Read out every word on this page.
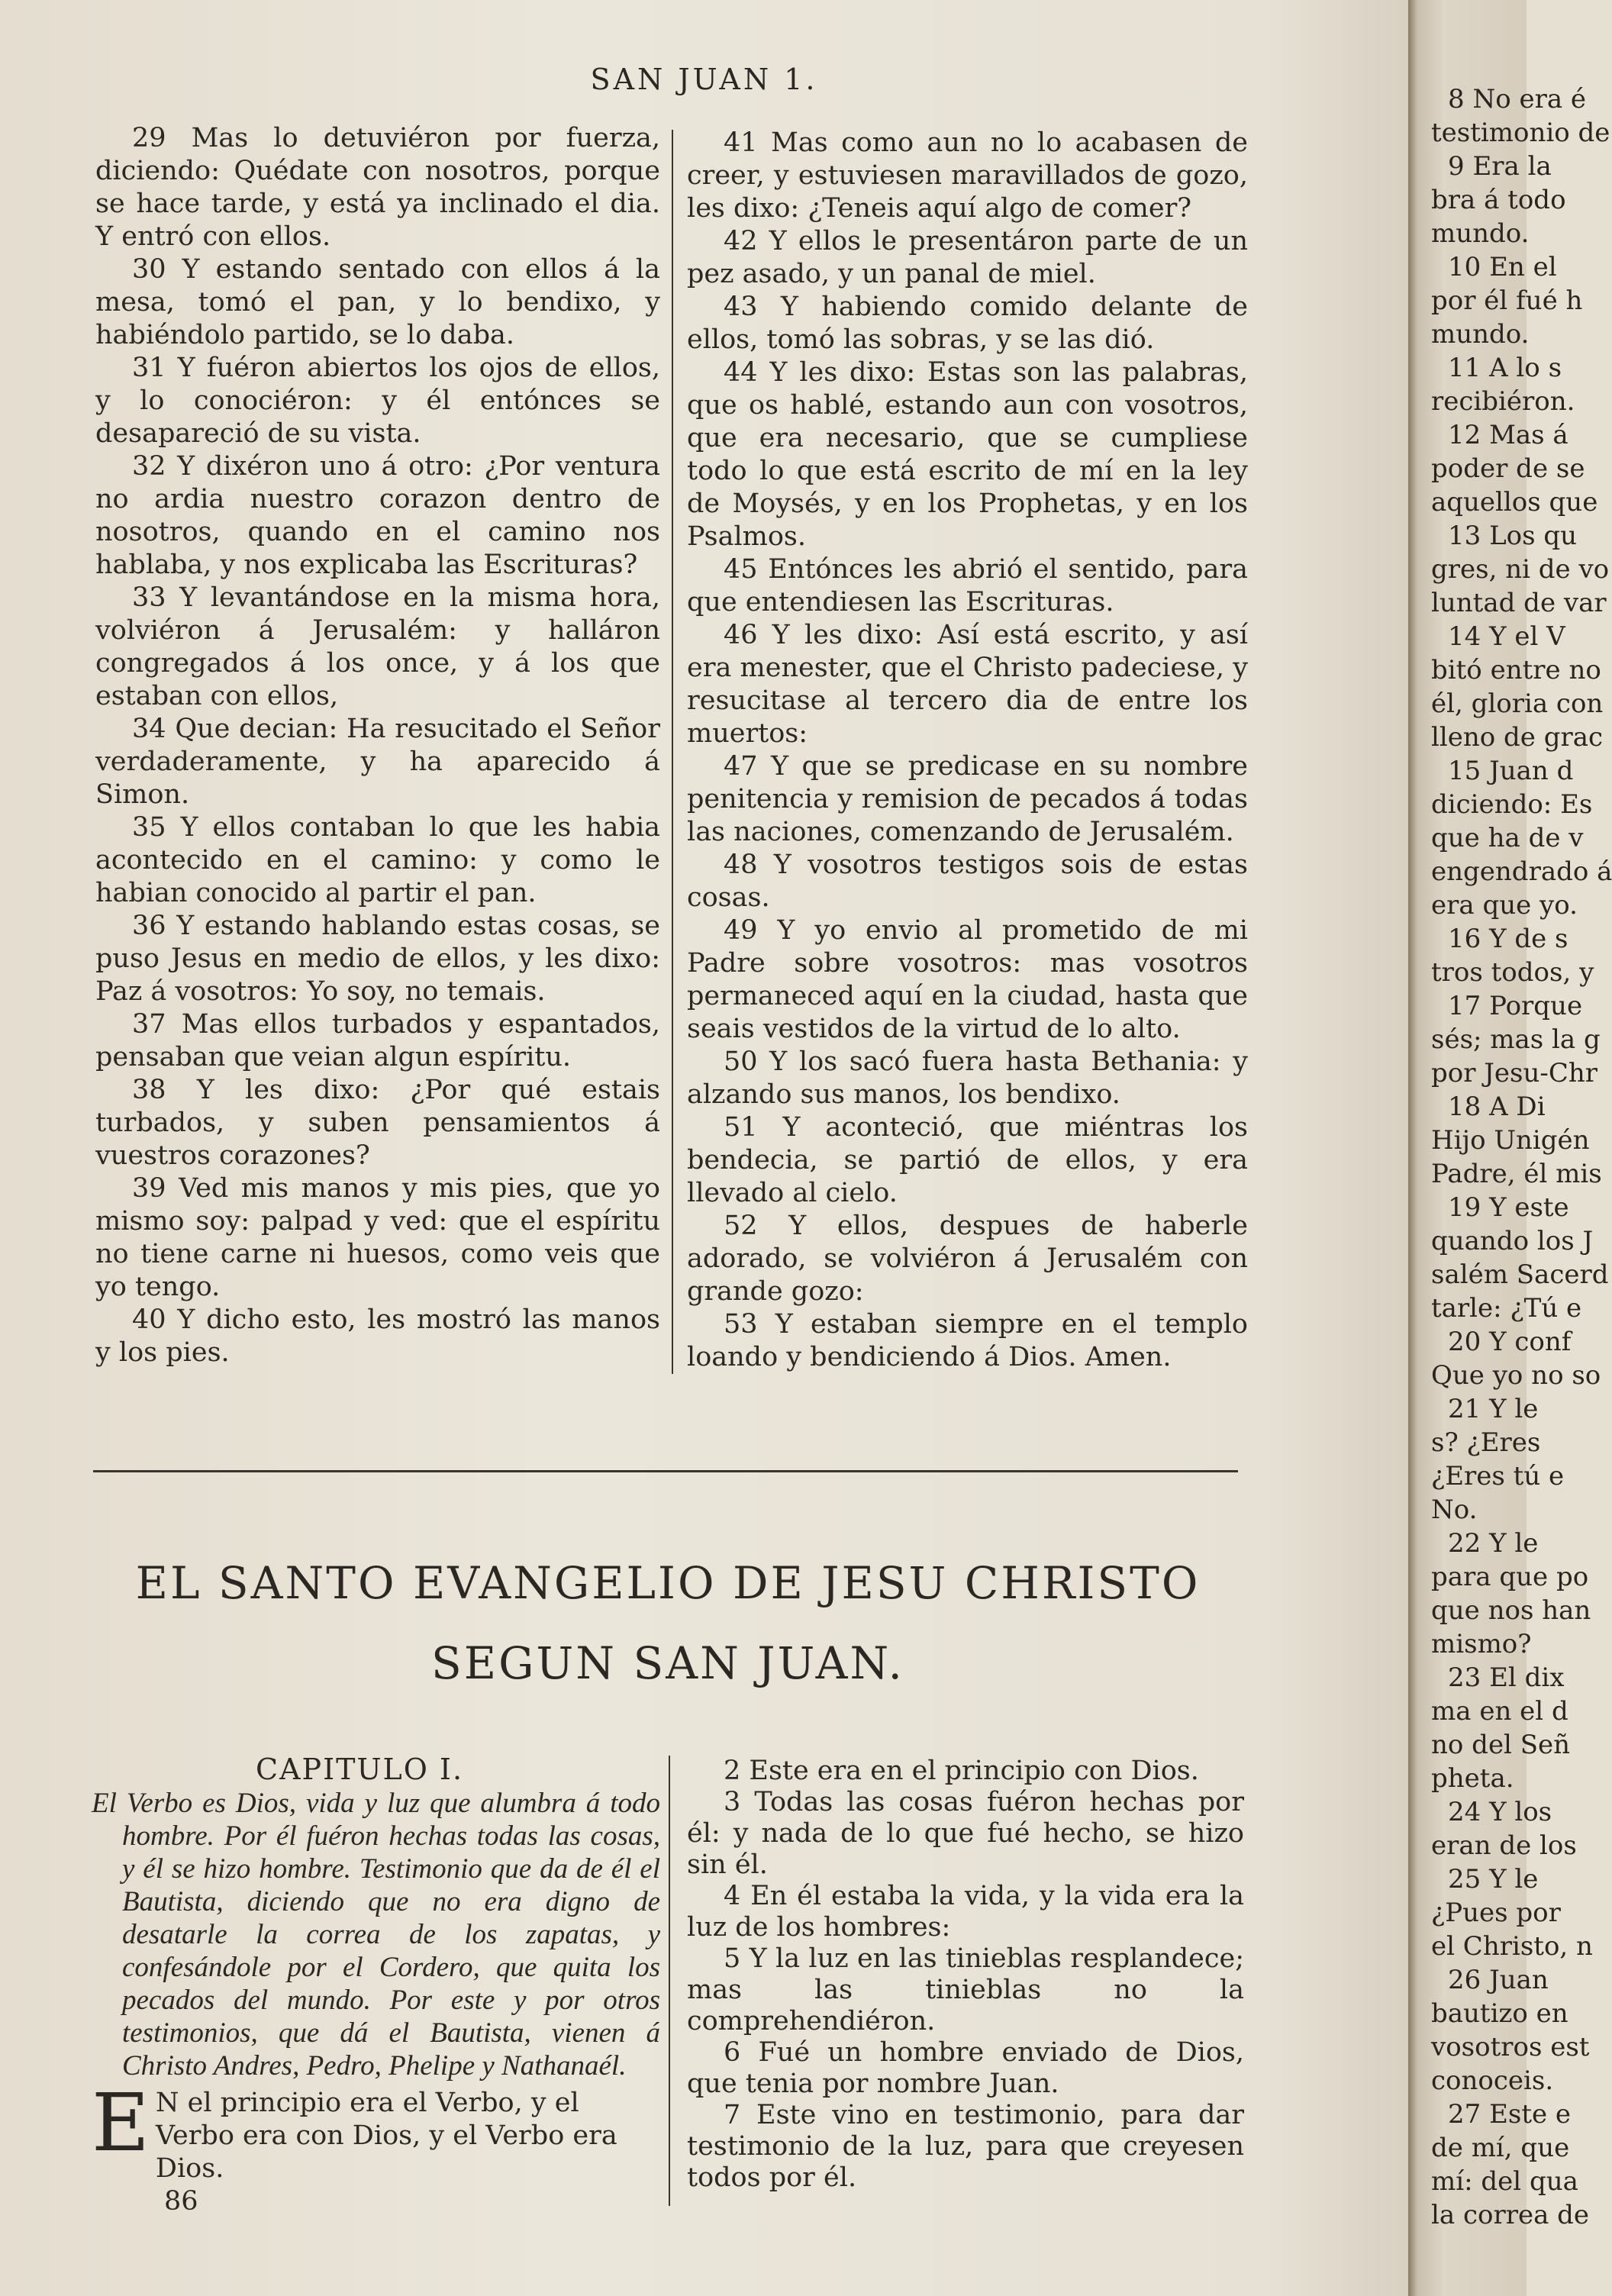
SAN JUAN 1.

29 Mas lo detuviéron por fuerza, diciendo: Quédate con nosotros, porque se hace tarde, y está ya inclinado el dia. Y entró con ellos.

30 Y estando sentado con ellos á la mesa, tomó el pan, y lo bendixo, y habiéndolo partido, se lo daba.

31 Y fuéron abiertos los ojos de ellos, y lo conociéron: y él entónces se desapareció de su vista.

32 Y dixéron uno á otro: ¿Por ventura no ardia nuestro corazon dentro de nosotros, quando en el camino nos hablaba, y nos explicaba las Escrituras?

33 Y levantándose en la misma hora, volviéron á Jerusalém: y halláron congregados á los once, y á los que estaban con ellos,

34 Que decian: Ha resucitado el Señor verdaderamente, y ha aparecido á Simon.

35 Y ellos contaban lo que les habia acontecido en el camino: y como le habian conocido al partir el pan.

36 Y estando hablando estas cosas, se puso Jesus en medio de ellos, y les dixo: Paz á vosotros: Yo soy, no temais.

37 Mas ellos turbados y espantados, pensaban que veian algun espíritu.

38 Y les dixo: ¿Por qué estais turbados, y suben pensamientos á vuestros corazones?

39 Ved mis manos y mis pies, que yo mismo soy: palpad y ved: que el espíritu no tiene carne ni huesos, como veis que yo tengo.

40 Y dicho esto, les mostró las manos y los pies.

41 Mas como aun no lo acabasen de creer, y estuviesen maravillados de gozo, les dixo: ¿Teneis aquí algo de comer?

42 Y ellos le presentáron parte de un pez asado, y un panal de miel.

43 Y habiendo comido delante de ellos, tomó las sobras, y se las dió.

44 Y les dixo: Estas son las palabras, que os hablé, estando aun con vosotros, que era necesario, que se cumpliese todo lo que está escrito de mí en la ley de Moysés, y en los Prophetas, y en los Psalmos.

45 Entónces les abrió el sentido, para que entendiesen las Escrituras.

46 Y les dixo: Así está escrito, y así era menester, que el Christo padeciese, y resucitase al tercero dia de entre los muertos:

47 Y que se predicase en su nombre penitencia y remision de pecados á todas las naciones, comenzando de Jerusalém.

48 Y vosotros testigos sois de estas cosas.

49 Y yo envio al prometido de mi Padre sobre vosotros: mas vosotros permaneced aquí en la ciudad, hasta que seais vestidos de la virtud de lo alto.

50 Y los sacó fuera hasta Bethania: y alzando sus manos, los bendixo.

51 Y aconteció, que miéntras los bendecia, se partió de ellos, y era llevado al cielo.

52 Y ellos, despues de haberle adorado, se volviéron á Jerusalém con grande gozo:

53 Y estaban siempre en el templo loando y bendiciendo á Dios. Amen.

EL SANTO EVANGELIO DE JESU CHRISTO
SEGUN SAN JUAN.
CAPITULO I.
El Verbo es Dios, vida y luz que alumbra á todo hombre. Por él fuéron hechas todas las cosas, y él se hizo hombre. Testimonio que da de él el Bautista, diciendo que no era digno de desatarle la correa de los zapatas, y confesándole por el Cordero, que quita los pecados del mundo. Por este y por otros testimonios, que dá el Bautista, vienen á Christo Andres, Pedro, Phelipe y Nathanaél.
E N el principio era el Verbo, y el Verbo era con Dios, y el Verbo era Dios.
86

2 Este era en el principio con Dios.

3 Todas las cosas fuéron hechas por él: y nada de lo que fué hecho, se hizo sin él.

4 En él estaba la vida, y la vida era la luz de los hombres:

5 Y la luz en las tinieblas resplandece; mas las tinieblas no la comprehendiéron.

6 Fué un hombre enviado de Dios, que tenia por nombre Juan.

7 Este vino en testimonio, para dar testimonio de la luz, para que creyesen todos por él.

8 No era é
testimonio de
9 Era la
bra á todo
mundo.
10 En el
por él fué h
mundo.
11 A lo s
recibiéron.
12 Mas á
poder de se
aquellos que
13 Los qu
gres, ni de vo
luntad de var
14 Y el V
bitó entre no
él, gloria con
lleno de grac
15 Juan d
diciendo: Es
que ha de v
engendrado á
era que yo.
16 Y de s
tros todos, y
17 Porque
sés; mas la g
por Jesu-Chr
18 A Di
Hijo Unigén
Padre, él mis
19 Y este
quando los J
salém Sacerd
tarle: ¿Tú e
20 Y conf
Que yo no so
21 Y le
s? ¿Eres
¿Eres tú e
No.
22 Y le
para que po
que nos han
mismo?
23 El dix
ma en el d
no del Señ
pheta.
24 Y los
eran de los
25 Y le
¿Pues por
el Christo, n
26 Juan
bautizo en
vosotros est
conoceis.
27 Este e
de mí, que
mí: del qua
la correa de
